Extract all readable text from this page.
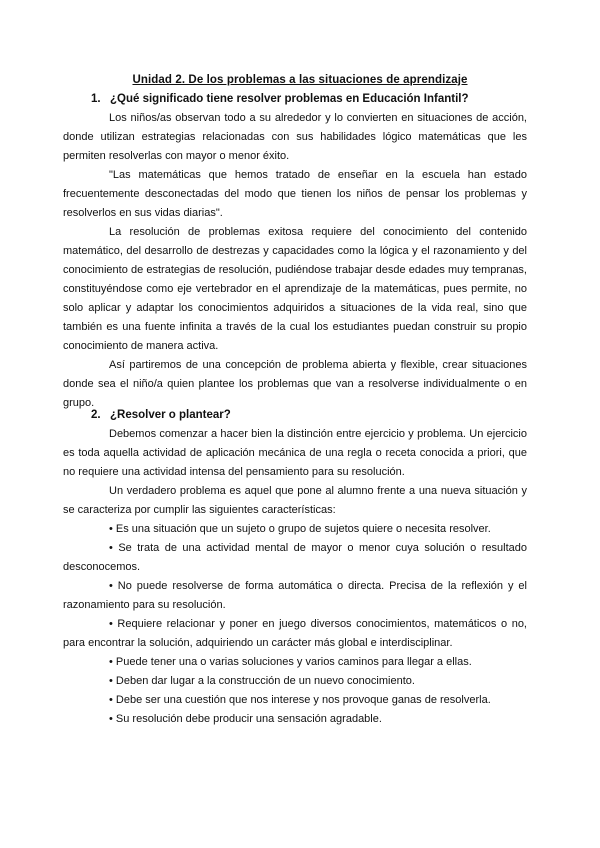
Unidad 2. De los problemas a las situaciones de aprendizaje
1. ¿Qué significado tiene resolver problemas en Educación Infantil?

Los niños/as observan todo a su alrededor y lo convierten en situaciones de acción, donde utilizan estrategias relacionadas con sus habilidades lógico matemáticas que les permiten resolverlas con mayor o menor éxito.

"Las matemáticas que hemos tratado de enseñar en la escuela han estado frecuentemente desconectadas del modo que tienen los niños de pensar los problemas y resolverlos en sus vidas diarias".

La resolución de problemas exitosa requiere del conocimiento del contenido matemático, del desarrollo de destrezas y capacidades como la lógica y el razonamiento y del conocimiento de estrategias de resolución, pudiéndose trabajar desde edades muy tempranas, constituyéndose como eje vertebrador en el aprendizaje de la matemáticas, pues permite, no solo aplicar y adaptar los conocimientos adquiridos a situaciones de la vida real, sino que también es una fuente infinita a través de la cual los estudiantes puedan construir su propio conocimiento de manera activa.

Así partiremos de una concepción de problema abierta y flexible, crear situaciones donde sea el niño/a quien plantee los problemas que van a resolverse individualmente o en grupo.

2. ¿Resolver o plantear?

Debemos comenzar a hacer bien la distinción entre ejercicio y problema. Un ejercicio es toda aquella actividad de aplicación mecánica de una regla o receta conocida a priori, que no requiere una actividad intensa del pensamiento para su resolución.

Un verdadero problema es aquel que pone al alumno frente a una nueva situación y se caracteriza por cumplir las siguientes características:

• Es una situación que un sujeto o grupo de sujetos quiere o necesita resolver.

• Se trata de una actividad mental de mayor o menor cuya solución o resultado desconocemos.

• No puede resolverse de forma automática o directa. Precisa de la reflexión y el razonamiento para su resolución.

• Requiere relacionar y poner en juego diversos conocimientos, matemáticos o no, para encontrar la solución, adquiriendo un carácter más global e interdisciplinar.

• Puede tener una o varias soluciones y varios caminos para llegar a ellas.

• Deben dar lugar a la construcción de un nuevo conocimiento.

• Debe ser una cuestión que nos interese y nos provoque ganas de resolverla.

• Su resolución debe producir una sensación agradable.
